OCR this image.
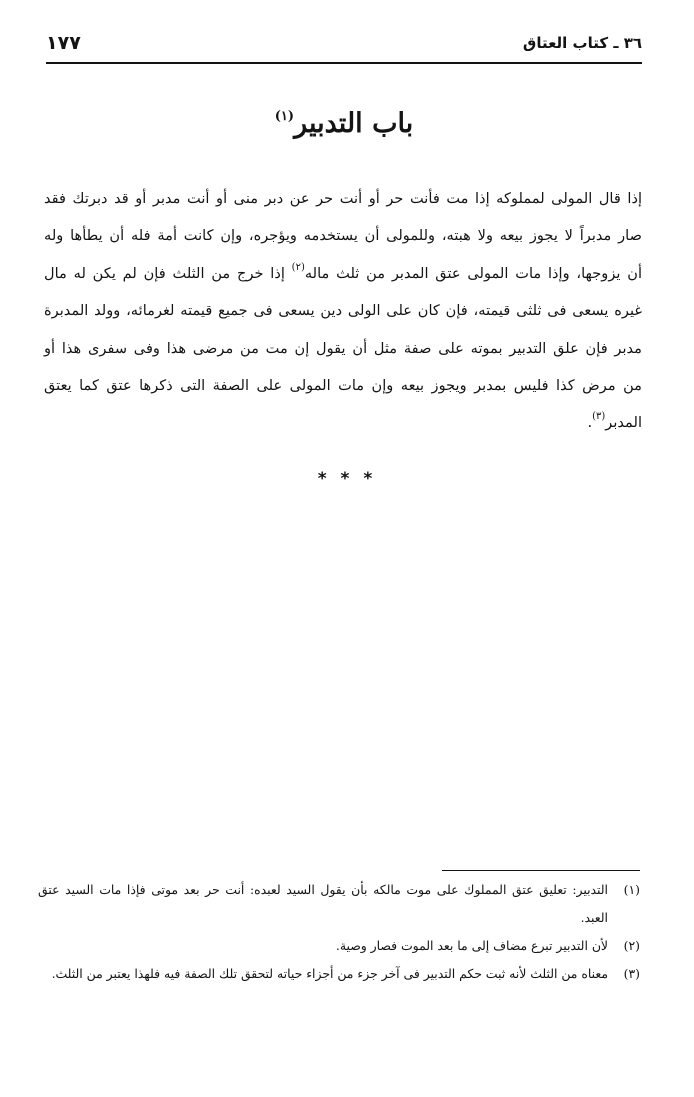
٣٦ ـ كتاب العتاق
١٧٧
باب التدبير$^{(١)}$
إذا قال المولى لمملوكه إذا مت فأنت حر أو أنت حر عن دبر منى أو أنت مدبر أو قد دبرتك فقد صار مدبراً لا يجوز بيعه ولا هبته، وللمولى أن يستخدمه ويؤجره، وإن كانت أمة فله أن يطأها وله أن يزوجها، وإذا مات المولى عتق المدبر من ثلث ماله$^{(٢)}$ إذا خرج من الثلث فإن لم يكن له مال غيره يسعى فى ثلثى قيمته، فإن كان على الولى دين يسعى فى جميع قيمته لغرمائه، وولد المدبرة مدبر فإن علق التدبير بموته على صفة مثل أن يقول إن مت من مرضى هذا وفى سفرى هذا أو من مرض كذا فليس بمدبر ويجوز بيعه وإن مات المولى على الصفة التى ذكرها عتق كما يعتق المدبر$^{(٣)}$.
* * *
(١)
التدبير: تعليق عتق المملوك على موت مالكه بأن يقول السيد لعبده: أنت حر بعد موتى فإذا مات السيد عتق العبد.
(٢)
لأن التدبير تبرع مضاف إلى ما بعد الموت فصار وصية.
(٣)
معناه من الثلث لأنه ثبت حكم التدبير فى آخر جزء من أجزاء حياته لتحقق تلك الصفة فيه فلهذا يعتبر من الثلث.
